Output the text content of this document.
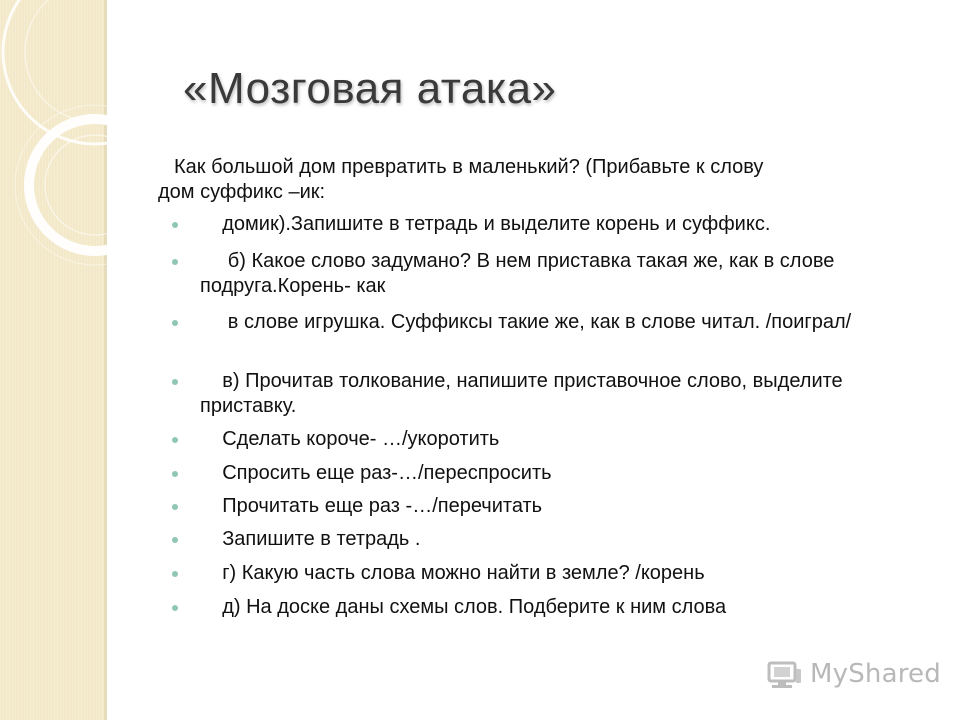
«Мозговая атака»
Как большой дом превратить в маленький? (Прибавьте к слову
дом суффикс –ик:
домик).Запишите в тетрадь и выделите корень и суффикс.
б) Какое слово задумано? В нем приставка такая же, как в слове подруга.Корень- как
в слове игрушка. Суффиксы такие же, как в слове читал. /поиграл/
в) Прочитав толкование, напишите приставочное слово, выделите приставку.
Сделать короче- …/укоротить
Спросить еще раз-…/переспросить
Прочитать еще раз -…/перечитать
Запишите в тетрадь .
г) Какую часть слова можно найти в земле? /корень
д) На доске даны схемы слов. Подберите к ним слова
MyShared
